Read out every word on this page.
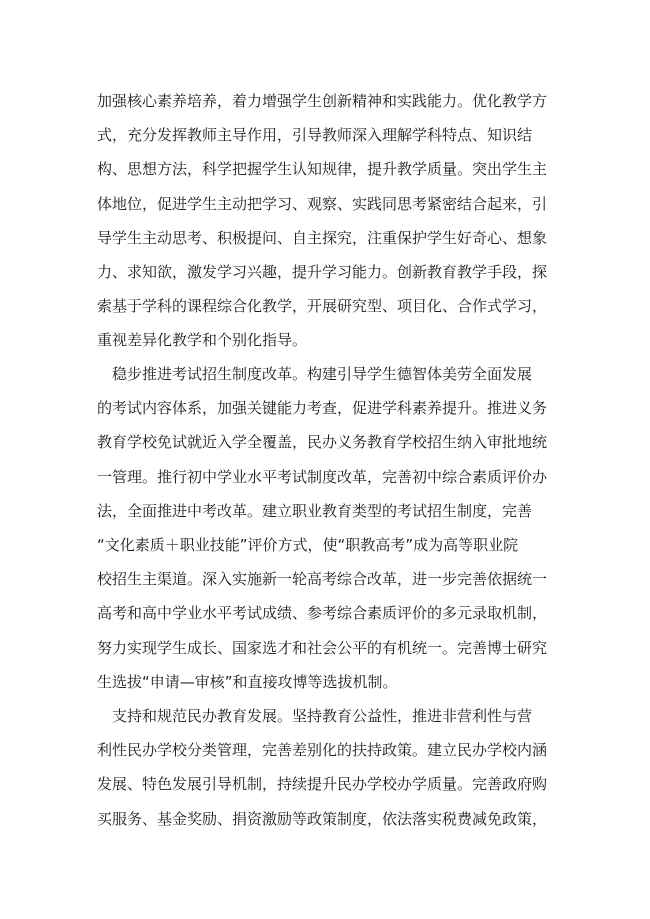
加强核心素养培养，着力增强学生创新精神和实践能力。优化教学方
式，充分发挥教师主导作用，引导教师深入理解学科特点、知识结
构、思想方法，科学把握学生认知规律，提升教学质量。突出学生主
体地位，促进学生主动把学习、观察、实践同思考紧密结合起来，引
导学生主动思考、积极提问、自主探究，注重保护学生好奇心、想象
力、求知欲，激发学习兴趣，提升学习能力。创新教育教学手段，探
索基于学科的课程综合化教学，开展研究型、项目化、合作式学习，
重视差异化教学和个别化指导。
　稳步推进考试招生制度改革。构建引导学生德智体美劳全面发展
的考试内容体系，加强关键能力考查，促进学科素养提升。推进义务
教育学校免试就近入学全覆盖，民办义务教育学校招生纳入审批地统
一管理。推行初中学业水平考试制度改革，完善初中综合素质评价办
法，全面推进中考改革。建立职业教育类型的考试招生制度，完善
“文化素质＋职业技能”评价方式，使“职教高考”成为高等职业院
校招生主渠道。深入实施新一轮高考综合改革，进一步完善依据统一
高考和高中学业水平考试成绩、参考综合素质评价的多元录取机制，
努力实现学生成长、国家选才和社会公平的有机统一。完善博士研究
生选拔“申请—审核”和直接攻博等选拔机制。
　支持和规范民办教育发展。坚持教育公益性，推进非营利性与营
利性民办学校分类管理，完善差别化的扶持政策。建立民办学校内涵
发展、特色发展引导机制，持续提升民办学校办学质量。完善政府购
买服务、基金奖励、捐资激励等政策制度，依法落实税费减免政策，
